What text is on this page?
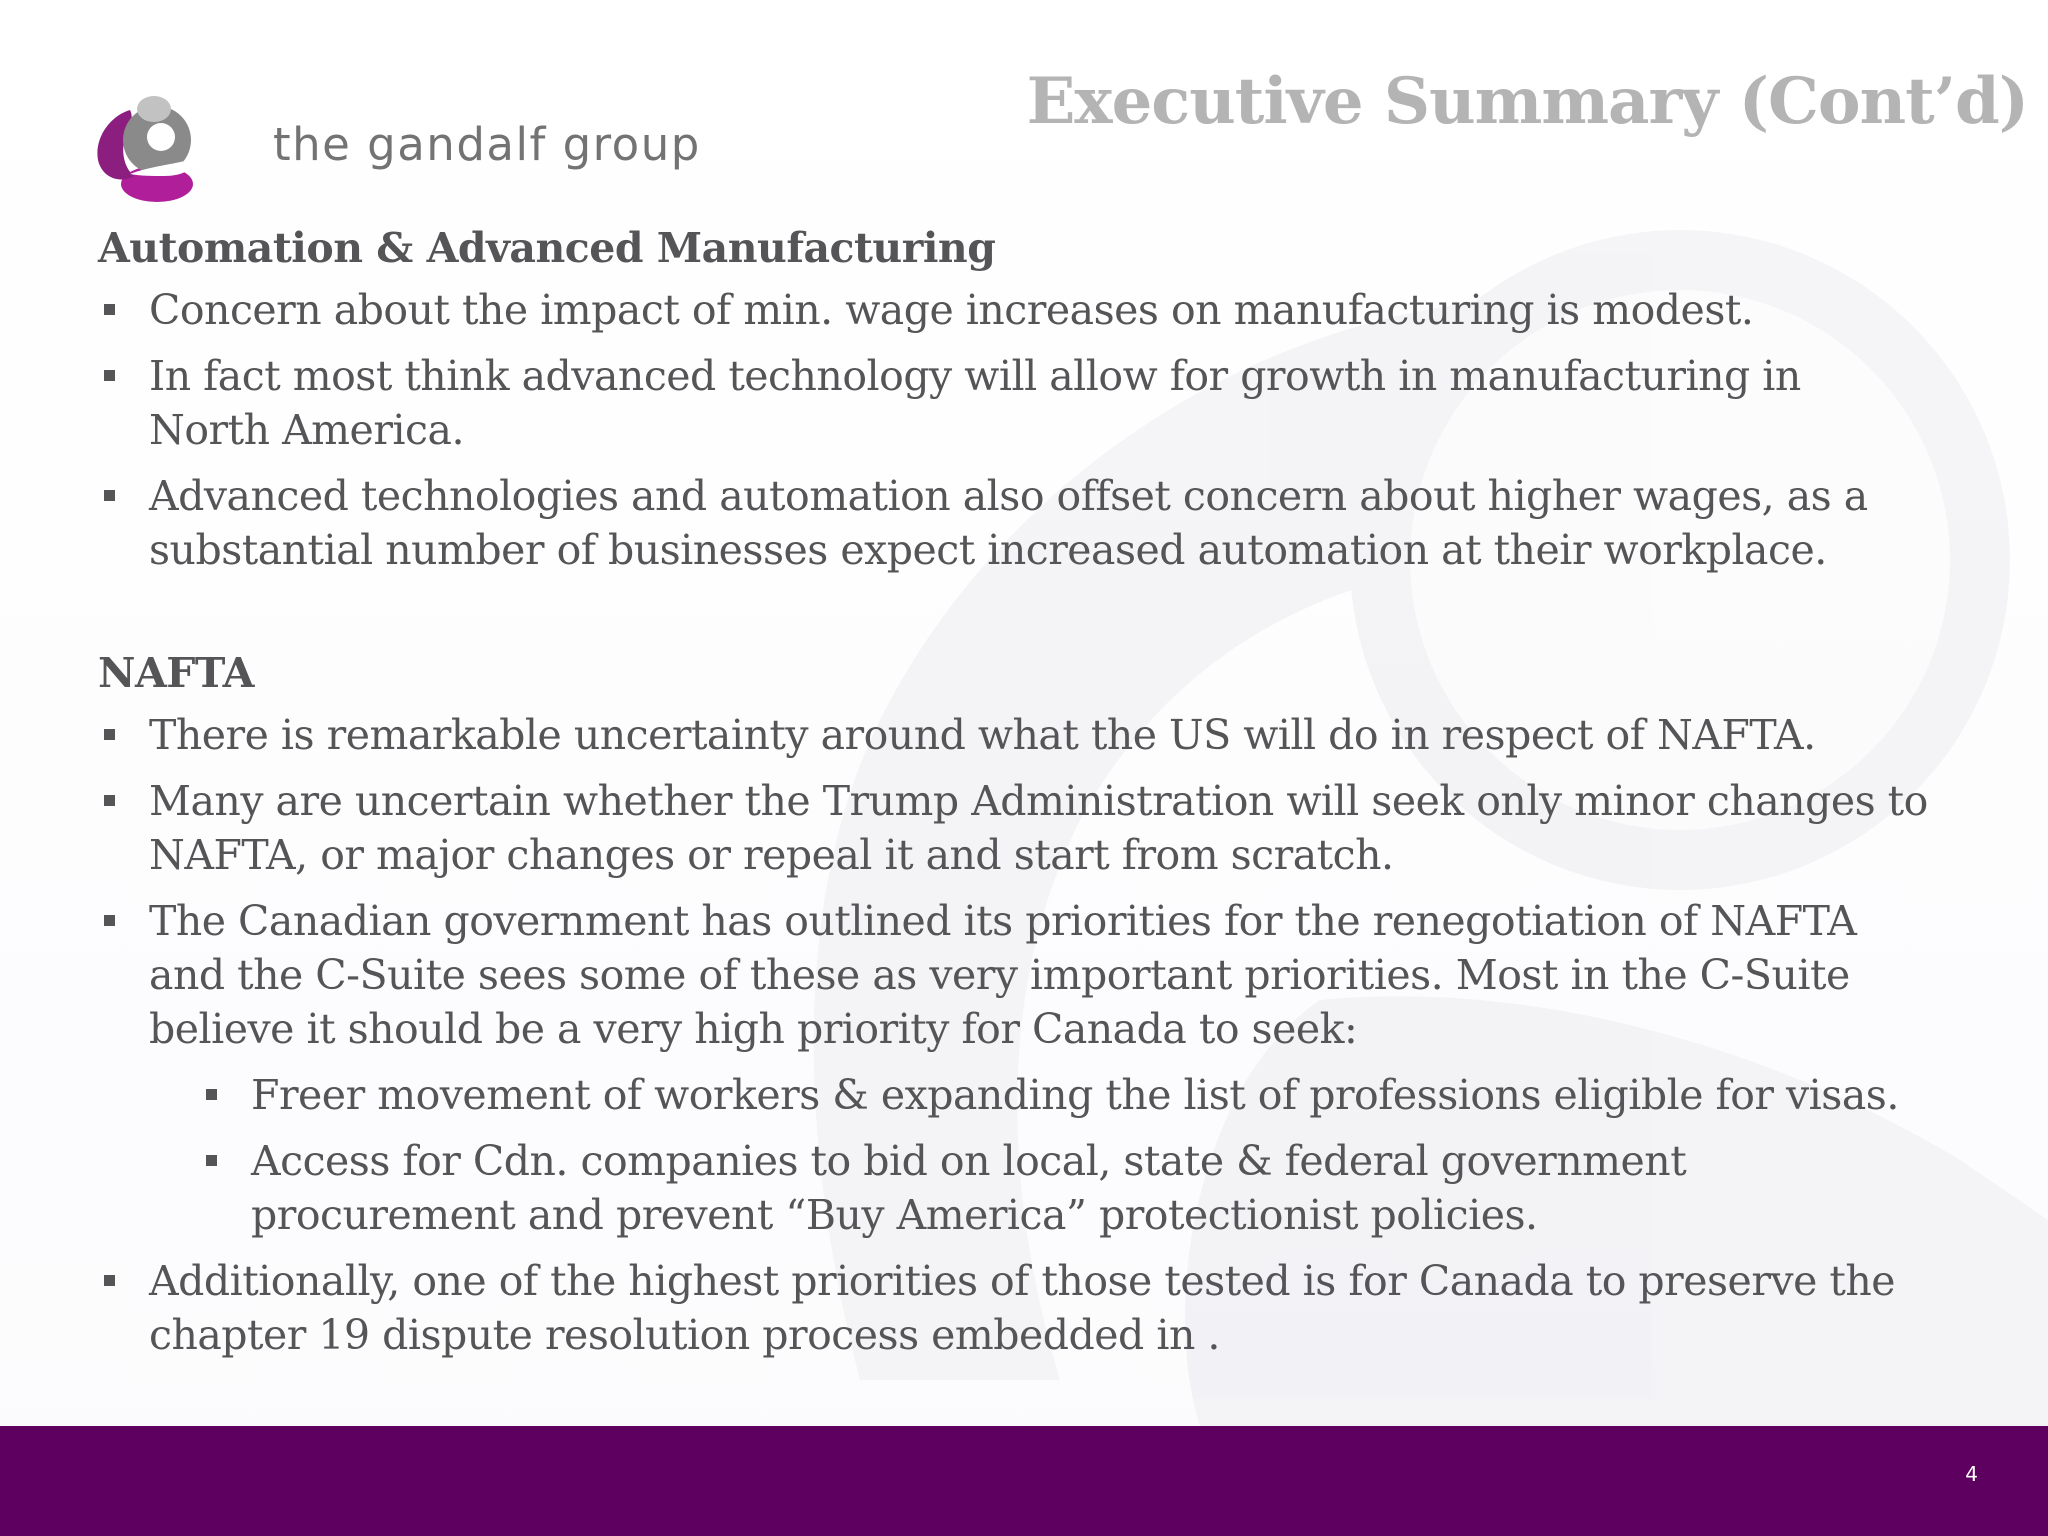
the gandalf group
Executive Summary (Cont’d)
Automation & Advanced Manufacturing
Concern about the impact of min. wage increases on manufacturing is modest.
In fact most think advanced technology will allow for growth in manufacturing in North America.
Advanced technologies and automation also offset concern about higher wages, as a substantial number of businesses expect increased automation at their workplace.
NAFTA
There is remarkable uncertainty around what the US will do in respect of NAFTA.
Many are uncertain whether the Trump Administration will seek only minor changes to NAFTA, or major changes or repeal it and start from scratch.
The Canadian government has outlined its priorities for the renegotiation of NAFTA and the C-Suite sees some of these as very important priorities. Most in the C-Suite believe it should be a very high priority for Canada to seek:
Freer movement of workers & expanding the list of professions eligible for visas.
Access for Cdn. companies to bid on local, state & federal government procurement and prevent “Buy America” protectionist policies.
Additionally, one of the highest priorities of those tested is for Canada to preserve the chapter 19 dispute resolution process embedded in .
4
